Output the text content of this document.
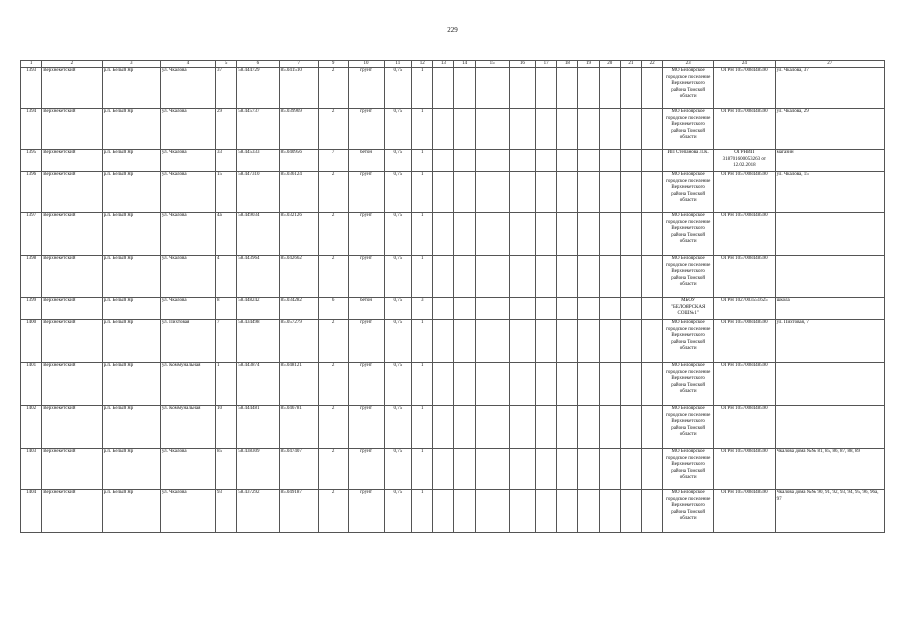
229
1	2	3	4	5	6	7	9	10	11	12	13	14	15	16	17	18	19	20	21	22	23	24	27
1393	Верхнекетский	р.п. Белый Яр	ул. Чкалова	37	58.444729	85.041510	2	грунт	0,75	1											МО Белоярское городское поселение Верхнекетского района Томской области	ОГРН 1057008448590	ул. Чкалова, 37
1394	Верхнекетский	р.п. Белый Яр	ул. Чкалова	29	58.445737	85.039969	2	грунт	0,75	1											МО Белоярское городское поселение Верхнекетского района Томской области	ОГРН 1057008448590	ул. Чкалова, 29
1395	Верхнекетский	р.п. Белый Яр	ул. Чкалова	33	58.445333	85.040956	7	бетон	0,75	1											ИП Степанова Л.К.	ОГРНИП 318701600053263 от 12.02.2018	магазин
1396	Верхнекетский	р.п. Белый Яр	ул. Чкалова	15	58.447310	85.036124	2	грунт	0,75	1											МО Белоярское городское поселение Верхнекетского района Томской области	ОГРН 1057008448590	ул. Чкалова, 15
1397	Верхнекетский	р.п. Белый Яр	ул. Чкалова	4а	58.449034	85.032126	2	грунт	0,75	1											МО Белоярское городское поселение Верхнекетского района Томской области	ОГРН 1057008448590	
1398	Верхнекетский	р.п. Белый Яр	ул. Чкалова	4	58.443964	85.042662	2	грунт	0,75	1											МО Белоярское городское поселение Верхнекетского района Томской области	ОГРН 1057008448590	
1399	Верхнекетский	р.п. Белый Яр	ул. Чкалова	8	58.448242	85.034282	6	бетон	0,75	3											МБОУ "БЕЛОЯРСКАЯ СОШ№1"	ОГРН 1027003551625	школа
1400	Верхнекетский	р.п. Белый Яр	ул. Пихтовая	7	58.434498	85.057279	2	грунт	0,75	1											МО Белоярское городское поселение Верхнекетского района Томской области	ОГРН 1057008448590	ул. Пихтовая, 7
1401	Верхнекетский	р.п. Белый Яр	ул. Коммунальная	1	58.443874	85.048121	2	грунт	0,75	1											МО Белоярское городское поселение Верхнекетского района Томской области	ОГРН 1057008448590	
1402	Верхнекетский	р.п. Белый Яр	ул. Коммунальная	10	58.444481	85.046781	2	грунт	0,75	1											МО Белоярское городское поселение Верхнекетского района Томской области	ОГРН 1057008448590	
1403	Верхнекетский	р.п. Белый Яр	ул. Чкалова	85	58.438309	85.047407	2	грунт	0,75	1											МО Белоярское городское поселение Верхнекетского района Томской области	ОГРН 1057008448590	Чкалова дома №№ 81, 85, 86, 87, 88, 89
1404	Верхнекетский	р.п. Белый Яр	ул. Чкалова	93	58.437292	85.049187	2	грунт	0,75	1											МО Белоярское городское поселение Верхнекетского района Томской области	ОГРН 1057008448590	Чкалова дома №№ 90, 91, 92, 93, 94, 95, 96, 96а, 97
